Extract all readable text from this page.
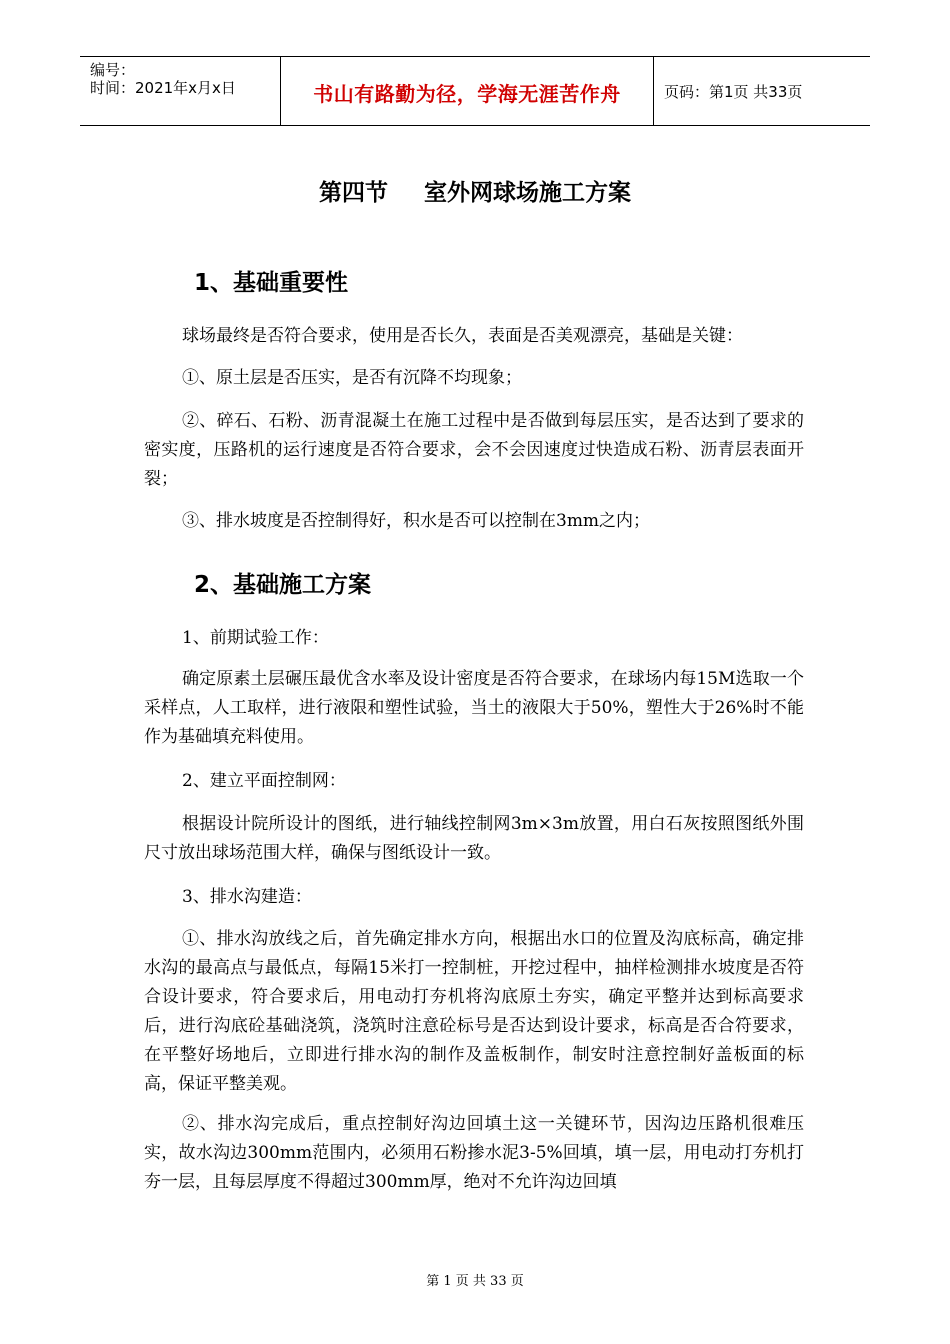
编号：
时间：2021年x月x日	书山有路勤为径，学海无涯苦作舟	页码：第1页 共33页
第四节 室外网球场施工方案
1、基础重要性
球场最终是否符合要求，使用是否长久，表面是否美观漂亮，基础是关键：
①、原土层是否压实，是否有沉降不均现象；
②、碎石、石粉、沥青混凝土在施工过程中是否做到每层压实，是否达到了要求的密实度，压路机的运行速度是否符合要求，会不会因速度过快造成石粉、沥青层表面开裂；
③、排水坡度是否控制得好，积水是否可以控制在3mm之内；
2、基础施工方案
1、前期试验工作：
确定原素土层碾压最优含水率及设计密度是否符合要求，在球场内每15M选取一个采样点，人工取样，进行液限和塑性试验，当土的液限大于50%，塑性大于26%时不能作为基础填充料使用。
2、建立平面控制网：
根据设计院所设计的图纸，进行轴线控制网3m×3m放置，用白石灰按照图纸外围尺寸放出球场范围大样，确保与图纸设计一致。
3、排水沟建造：
①、排水沟放线之后，首先确定排水方向，根据出水口的位置及沟底标高，确定排水沟的最高点与最低点，每隔15米打一控制桩，开挖过程中，抽样检测排水坡度是否符合设计要求，符合要求后，用电动打夯机将沟底原土夯实，确定平整并达到标高要求后，进行沟底砼基础浇筑，浇筑时注意砼标号是否达到设计要求，标高是否合符要求，在平整好场地后，立即进行排水沟的制作及盖板制作，制安时注意控制好盖板面的标高，保证平整美观。
②、排水沟完成后，重点控制好沟边回填土这一关键环节，因沟边压路机很难压实，故水沟边300mm范围内，必须用石粉掺水泥3-5%回填，填一层，用电动打夯机打夯一层，且每层厚度不得超过300mm厚，绝对不允许沟边回填
第 1 页 共 33 页
